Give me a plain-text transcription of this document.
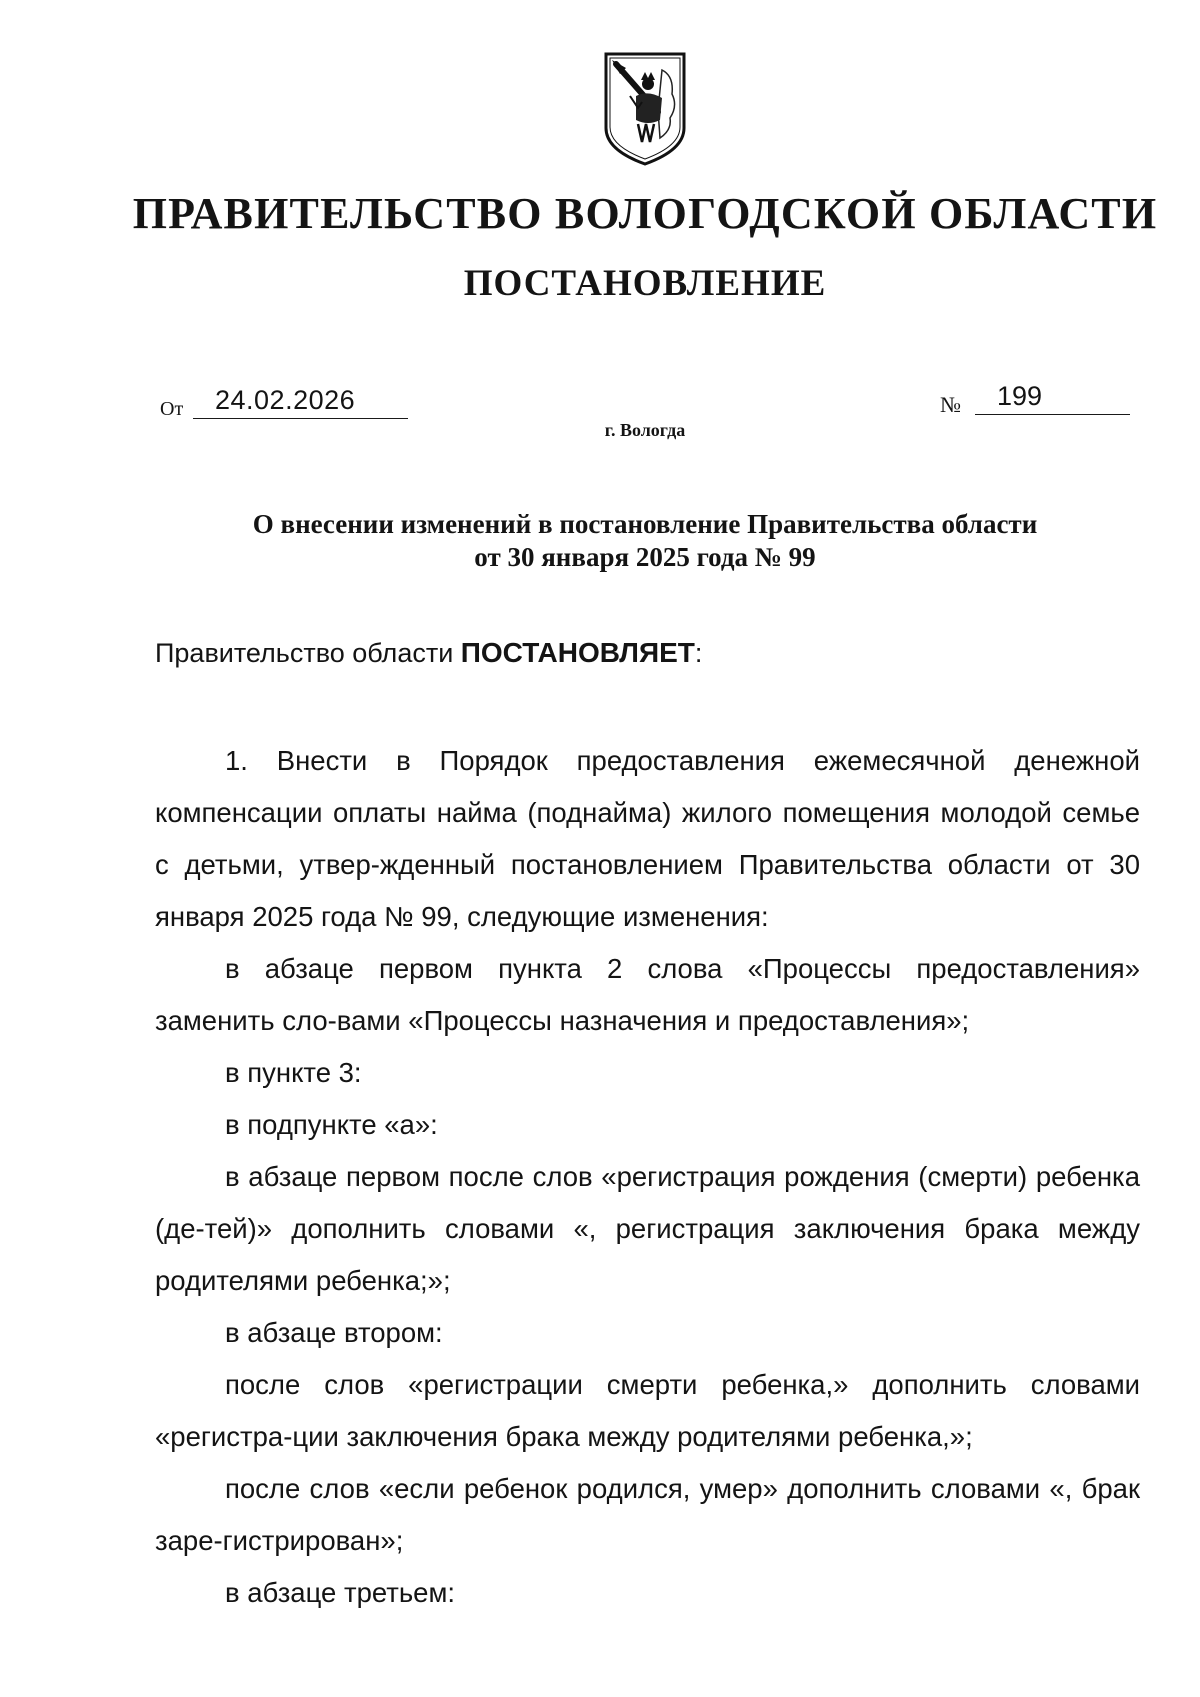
ПРАВИТЕЛЬСТВО ВОЛОГОДСКОЙ ОБЛАСТИ
ПОСТАНОВЛЕНИЕ
От 24.02.2026	№ 199
г. Вологда
О внесении изменений в постановление Правительства области
от 30 января 2025 года № 99
Правительство области ПОСТАНОВЛЯЕТ:

1. Внести в Порядок предоставления ежемесячной денежной компенсации оплаты найма (поднайма) жилого помещения молодой семье с детьми, утвер-жденный постановлением Правительства области от 30 января 2025 года № 99, следующие изменения:

в абзаце первом пункта 2 слова «Процессы предоставления» заменить сло-вами «Процессы назначения и предоставления»;

в пункте 3:

в подпункте «а»:

в абзаце первом после слов «регистрация рождения (смерти) ребенка (де-тей)» дополнить словами «, регистрация заключения брака между родителями ребенка;»;

в абзаце втором:

после слов «регистрации смерти ребенка,» дополнить словами «регистра-ции заключения брака между родителями ребенка,»;

после слов «если ребенок родился, умер» дополнить словами «, брак заре-гистрирован»;

в абзаце третьем:
